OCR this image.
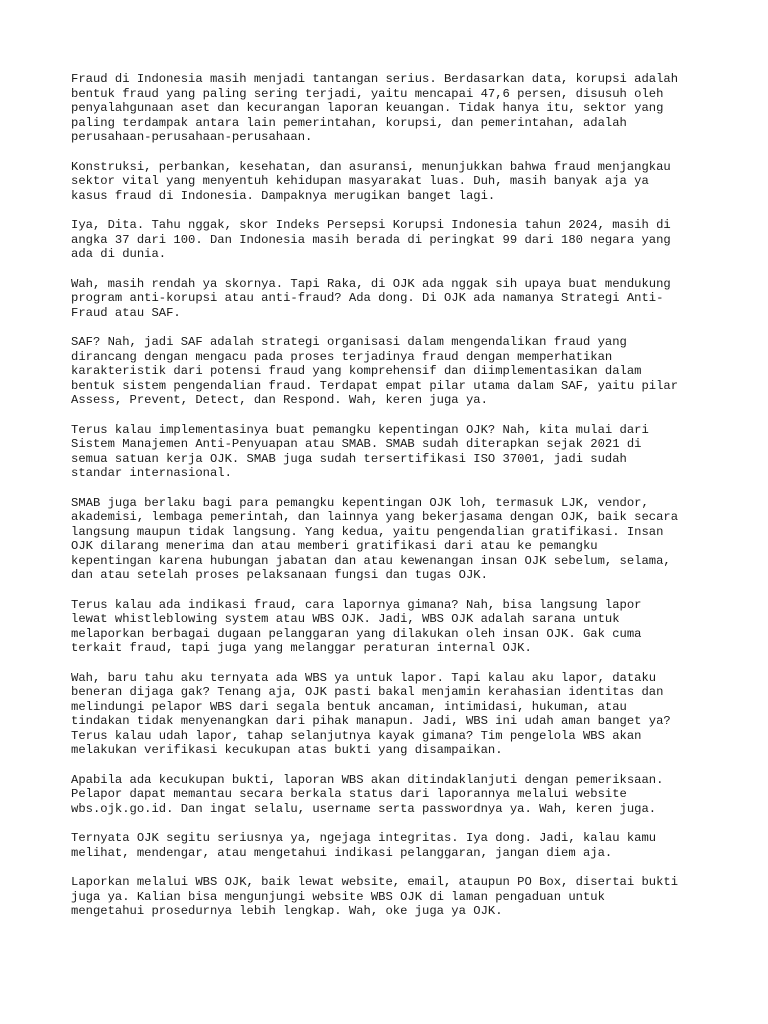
Fraud di Indonesia masih menjadi tantangan serius. Berdasarkan data, korupsi adalah
bentuk fraud yang paling sering terjadi, yaitu mencapai 47,6 persen, disusuh oleh
penyalahgunaan aset dan kecurangan laporan keuangan. Tidak hanya itu, sektor yang
paling terdampak antara lain pemerintahan, korupsi, dan pemerintahan, adalah
perusahaan-perusahaan-perusahaan.

Konstruksi, perbankan, kesehatan, dan asuransi, menunjukkan bahwa fraud menjangkau
sektor vital yang menyentuh kehidupan masyarakat luas. Duh, masih banyak aja ya
kasus fraud di Indonesia. Dampaknya merugikan banget lagi.

Iya, Dita. Tahu nggak, skor Indeks Persepsi Korupsi Indonesia tahun 2024, masih di
angka 37 dari 100. Dan Indonesia masih berada di peringkat 99 dari 180 negara yang
ada di dunia.

Wah, masih rendah ya skornya. Tapi Raka, di OJK ada nggak sih upaya buat mendukung
program anti-korupsi atau anti-fraud? Ada dong. Di OJK ada namanya Strategi Anti-
Fraud atau SAF.

SAF? Nah, jadi SAF adalah strategi organisasi dalam mengendalikan fraud yang
dirancang dengan mengacu pada proses terjadinya fraud dengan memperhatikan
karakteristik dari potensi fraud yang komprehensif dan diimplementasikan dalam
bentuk sistem pengendalian fraud. Terdapat empat pilar utama dalam SAF, yaitu pilar
Assess, Prevent, Detect, dan Respond. Wah, keren juga ya.

Terus kalau implementasinya buat pemangku kepentingan OJK? Nah, kita mulai dari
Sistem Manajemen Anti-Penyuapan atau SMAB. SMAB sudah diterapkan sejak 2021 di
semua satuan kerja OJK. SMAB juga sudah tersertifikasi ISO 37001, jadi sudah
standar internasional.

SMAB juga berlaku bagi para pemangku kepentingan OJK loh, termasuk LJK, vendor,
akademisi, lembaga pemerintah, dan lainnya yang bekerjasama dengan OJK, baik secara
langsung maupun tidak langsung. Yang kedua, yaitu pengendalian gratifikasi. Insan
OJK dilarang menerima dan atau memberi gratifikasi dari atau ke pemangku
kepentingan karena hubungan jabatan dan atau kewenangan insan OJK sebelum, selama,
dan atau setelah proses pelaksanaan fungsi dan tugas OJK.

Terus kalau ada indikasi fraud, cara lapornya gimana? Nah, bisa langsung lapor
lewat whistleblowing system atau WBS OJK. Jadi, WBS OJK adalah sarana untuk
melaporkan berbagai dugaan pelanggaran yang dilakukan oleh insan OJK. Gak cuma
terkait fraud, tapi juga yang melanggar peraturan internal OJK.

Wah, baru tahu aku ternyata ada WBS ya untuk lapor. Tapi kalau aku lapor, dataku
beneran dijaga gak? Tenang aja, OJK pasti bakal menjamin kerahasian identitas dan
melindungi pelapor WBS dari segala bentuk ancaman, intimidasi, hukuman, atau
tindakan tidak menyenangkan dari pihak manapun. Jadi, WBS ini udah aman banget ya?
Terus kalau udah lapor, tahap selanjutnya kayak gimana? Tim pengelola WBS akan
melakukan verifikasi kecukupan atas bukti yang disampaikan.

Apabila ada kecukupan bukti, laporan WBS akan ditindaklanjuti dengan pemeriksaan.
Pelapor dapat memantau secara berkala status dari laporannya melalui website
wbs.ojk.go.id. Dan ingat selalu, username serta passwordnya ya. Wah, keren juga.

Ternyata OJK segitu seriusnya ya, ngejaga integritas. Iya dong. Jadi, kalau kamu
melihat, mendengar, atau mengetahui indikasi pelanggaran, jangan diem aja.

Laporkan melalui WBS OJK, baik lewat website, email, ataupun PO Box, disertai bukti
juga ya. Kalian bisa mengunjungi website WBS OJK di laman pengaduan untuk
mengetahui prosedurnya lebih lengkap. Wah, oke juga ya OJK.
